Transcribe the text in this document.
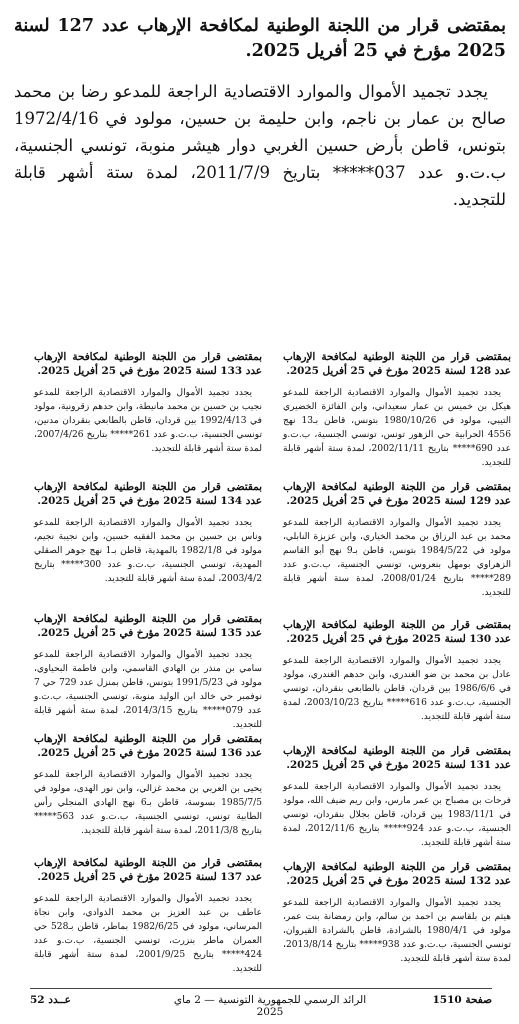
بمقتضى قرار من اللجنة الوطنية لمكافحة الإرهاب عدد 127 لسنة 2025 مؤرخ في 25 أفريل 2025.

يجدد تجميد الأموال والموارد الاقتصادية الراجعة للمدعو رضا بن محمد صالح بن عمار بن ناجم، وابن حليمة بن حسين، مولود في 1972/4/16 بتونس، قاطن بأرض حسين الغربي دوار هيشر منوبة، تونسي الجنسية، ب.ت.و عدد 037***** بتاريخ 2011/7/9، لمدة ستة أشهر قابلة للتجديد.

بمقتضى قرار من اللجنة الوطنية لمكافحة الإرهاب عدد 128 لسنة 2025 مؤرخ في 25 أفريل 2025.

يجدد تجميد الأموال والموارد الاقتصادية الراجعة للمدعو هيكل بن خميس بن عمار سعيداني، وابن الفائزة الخضيري التيبي، مولود في 1980/10/26 بتونس، قاطن بـ13 نهج 4556 الحرابية حي الزهور تونس، تونسي الجنسية، ب.ت.و عدد 690***** بتاريخ 2002/11/11، لمدة ستة أشهر قابلة للتجديد.

بمقتضى قرار من اللجنة الوطنية لمكافحة الإرهاب عدد 129 لسنة 2025 مؤرخ في 25 أفريل 2025.

يجدد تجميد الأموال والموارد الاقتصادية الراجعة للمدعو محمد بن عبد الرزاق بن محمد الخياري، وابن عزيزة النابلي، مولود في 1984/5/22 بتونس، قاطن بـ9 نهج أبو القاسم الزهراوي بومهل بنعروس، تونسي الجنسية، ب.ت.و عدد 289***** بتاريخ 2008/01/24، لمدة ستة أشهر قابلة للتجديد.

بمقتضى قرار من اللجنة الوطنية لمكافحة الإرهاب عدد 130 لسنة 2025 مؤرخ في 25 أفريل 2025.

يجدد تجميد الأموال والموارد الاقتصادية الراجعة للمدعو عادل بن محمد بن ضو الغندري، وابن حدهم الغندري، مولود في 1986/6/6 بين قردان، قاطن بالطابعي بنقردان، تونسي الجنسية، ب.ت.و عدد 616***** بتاريخ 2003/10/23، لمدة ستة أشهر قابلة للتجديد.

بمقتضى قرار من اللجنة الوطنية لمكافحة الإرهاب عدد 131 لسنة 2025 مؤرخ في 25 أفريل 2025.

يجدد تجميد الأموال والموارد الاقتصادية الراجعة للمدعو فرحات بن مصباح بن عمر مارس، وابن ريم ضيف الله، مولود في 1983/11/1 بين قردان، قاطن بجلال بنقردان، تونسي الجنسية، ب.ت.و عدد 924***** بتاريخ 2012/11/6، لمدة ستة أشهر قابلة للتجديد.

بمقتضى قرار من اللجنة الوطنية لمكافحة الإرهاب عدد 132 لسنة 2025 مؤرخ في 25 أفريل 2025.

يجدد تجميد الأموال والموارد الاقتصادية الراجعة للمدعو هيثم بن بلقاسم بن احمد بن سالم، وابن رمضانة بنت عمر، مولود في 1980/4/1 بالشرادة، قاطن بالشرادة القيروان، تونسي الجنسية، ب.ت.و عدد 938***** بتاريخ 2013/8/14، لمدة ستة أشهر قابلة للتجديد.

بمقتضى قرار من اللجنة الوطنية لمكافحة الإرهاب عدد 133 لسنة 2025 مؤرخ في 25 أفريل 2025.

يجدد تجميد الأموال والموارد الاقتصادية الراجعة للمدعو نجيب بن حسين بن محمد مانيطة، وابن حدهم زقرونية، مولود في 1992/4/13 بين قردان، قاطن بالطابعي بنقردان مدنين، تونسي الجنسية، ب.ت.و عدد 261***** بتاريخ 2007/4/26، لمدة ستة أشهر قابلة للتجديد.

بمقتضى قرار من اللجنة الوطنية لمكافحة الإرهاب عدد 134 لسنة 2025 مؤرخ في 25 أفريل 2025.

يجدد تجميد الأموال والموارد الاقتصادية الراجعة للمدعو وناس بن حسين بن محمد الفقيه حسين، وابن نجيبة نجيم، مولود في 1982/1/8 بالمهدية، قاطن بـ1 نهج جوهر الصقلي المهدية، تونسي الجنسية، ب.ت.و عدد 300***** بتاريخ 2003/4/2، لمدة ستة أشهر قابلة للتجديد.

بمقتضى قرار من اللجنة الوطنية لمكافحة الإرهاب عدد 135 لسنة 2025 مؤرخ في 25 أفريل 2025.

يجدد تجميد الأموال والموارد الاقتصادية الراجعة للمدعو سامي بن منذر بن الهادي القاسمي، وابن فاطمة البحياوي، مولود في 1991/5/23 بتونس، قاطن بمنزل عدد 729 حي 7 نوفمبر حي خالد ابن الوليد منوبة، تونسي الجنسية، ب.ت.و عدد 079***** بتاريخ 2014/3/15، لمدة ستة أشهر قابلة للتجديد.

بمقتضى قرار من اللجنة الوطنية لمكافحة الإرهاب عدد 136 لسنة 2025 مؤرخ في 25 أفريل 2025.

يجدد تجميد الأموال والموارد الاقتصادية الراجعة للمدعو يحيى بن العربي بن محمد غزالي، وابن نور الهدى، مولود في 1985/7/5 بسوسة، قاطن بـ6 نهج الهادي المنجلي رأس الطابية تونس، تونسي الجنسية، ب.ت.و عدد 563***** بتاريخ 2011/3/8، لمدة ستة أشهر قابلة للتجديد.

بمقتضى قرار من اللجنة الوطنية لمكافحة الإرهاب عدد 137 لسنة 2025 مؤرخ في 25 أفريل 2025.

يجدد تجميد الأموال والموارد الاقتصادية الراجعة للمدعو عاطف بن عبد العزيز بن محمد الذوادي، وابن نجاة المرساني، مولود في 1982/6/25 بماطر، قاطن بـ528 حي العمران ماطر بنزرت، تونسي الجنسية، ب.ت.و عدد 424***** بتاريخ 2001/9/25، لمدة ستة أشهر قابلة للتجديد.

صفحة 1510
الرائد الرسمي للجمهورية التونسية — 2 ماي 2025
عــدد 52
